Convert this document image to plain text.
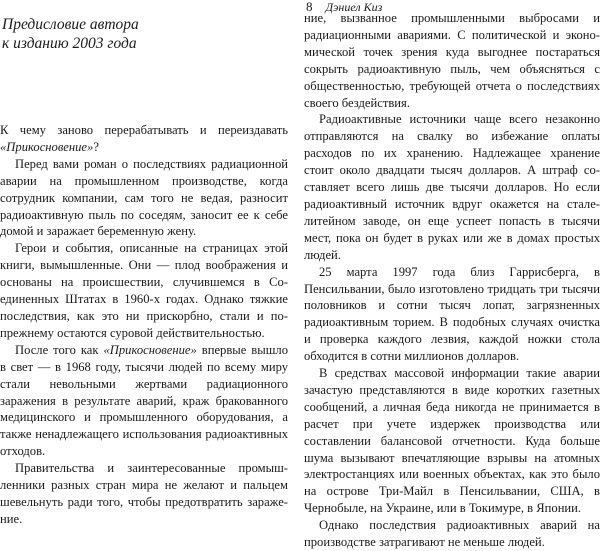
Предисловие автора
к изданию 2003 года

К чему заново перерабатывать и переиздавать «Прикосновение»?

Перед вами роман о последствиях радиационной аварии на промышленном производстве, когда сотрудник компании, сам того не ведая, разносит радиоактивную пыль по соседям, заносит ее к себе домой и заражает беременную жену.

Герои и события, описанные на страницах этой книги, вымышленные. Они — плод воображения и основаны на происшествии, случившемся в Соединенных Штатах в 1960-х годах. Однако тяжкие последствия, как это ни прискорбно, стали и по-прежнему остаются суровой действительностью.

После того как «Прикосновение» впервые вышло в свет — в 1968 году, тысячи людей по всему миру стали невольными жертвами радиационного заражения в результате аварий, краж бракованного медицинского и промышленного оборудования, а также ненадлежащего использования радиоактивных отходов.

Правительства и заинтересованные промышленники разных стран мира не желают и пальцем шевельнуть ради того, чтобы предотвратить заражение.

8 Дэниел Киз

ние, вызванное промышленными выбросами и радиационными авариями. С политической и экономической точек зрения куда выгоднее постараться сокрыть радиоактивную пыль, чем объясняться с общественностью, требующей отчета о последствиях своего бездействия.

Радиоактивные источники чаще всего незаконно отправляются на свалку во избежание оплаты расходов по их хранению. Надлежащее хранение стоит около двадцати тысяч долларов. А штраф составляет всего лишь две тысячи долларов. Но если радиоактивный источник вдруг окажется на сталелитейном заводе, он еще успеет попасть в тысячи мест, пока он будет в руках или же в домах простых людей.

25 марта 1997 года близ Гаррисберга, в Пенсильвании, было изготовлено тридцать три тысячи половников и сотни тысяч лопат, загрязненных радиоактивным торием. В подобных случаях очистка и проверка каждого лезвия, каждой ножки стола обходится в сотни миллионов долларов.

В средствах массовой информации такие аварии зачастую представляются в виде коротких газетных сообщений, а личная беда никогда не принимается в расчет при учете издержек производства или составлении балансовой отчетности. Куда больше шума вызывают впечатляющие взрывы на атомных электростанциях или военных объектах, как это было на острове Три-Майл в Пенсильвании, США, в Чернобыле, на Украине, или в Токимуре, в Японии.

Однако последствия радиоактивных аварий на производстве затрагивают не меньше людей.
